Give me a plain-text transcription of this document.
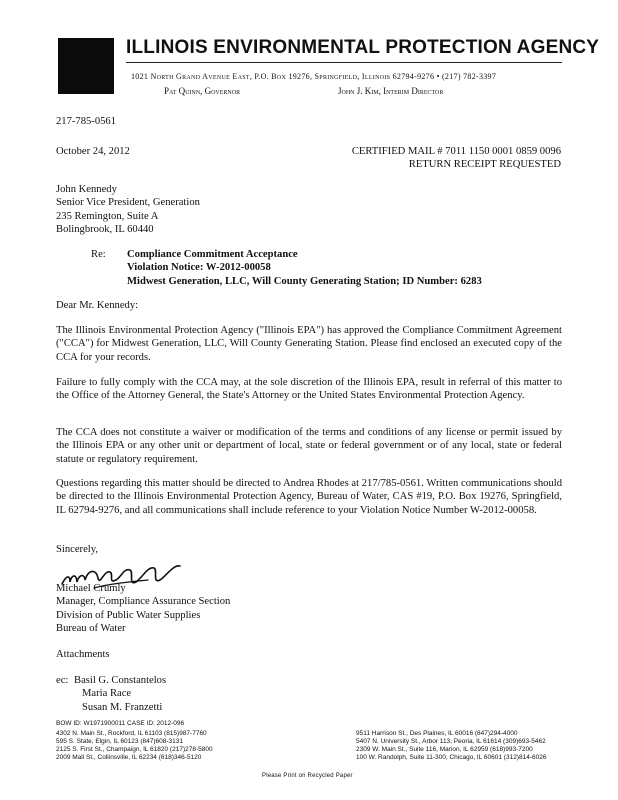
ILLINOIS ENVIRONMENTAL PROTECTION AGENCY
1021 North Grand Avenue East, P.O. Box 19276, Springfield, Illinois 62794-9276 • (217) 782-3397
Pat Quinn, Governor	John J. Kim, Interim Director
217-785-0561
October 24, 2012	CERTIFIED MAIL # 7011 1150 0001 0859 0096
RETURN RECEIPT REQUESTED
John Kennedy
Senior Vice President, Generation
235 Remington, Suite A
Bolingbrook, IL 60440
Re: Compliance Commitment Acceptance
Violation Notice: W-2012-00058
Midwest Generation, LLC, Will County Generating Station; ID Number: 6283
Dear Mr. Kennedy:
The Illinois Environmental Protection Agency ("Illinois EPA") has approved the Compliance Commitment Agreement ("CCA") for Midwest Generation, LLC, Will County Generating Station. Please find enclosed an executed copy of the CCA for your records.
Failure to fully comply with the CCA may, at the sole discretion of the Illinois EPA, result in referral of this matter to the Office of the Attorney General, the State's Attorney or the United States Environmental Protection Agency.
The CCA does not constitute a waiver or modification of the terms and conditions of any license or permit issued by the Illinois EPA or any other unit or department of local, state or federal government or of any local, state or federal statute or regulatory requirement.
Questions regarding this matter should be directed to Andrea Rhodes at 217/785-0561. Written communications should be directed to the Illinois Environmental Protection Agency, Bureau of Water, CAS #19, P.O. Box 19276, Springfield, IL 62794-9276, and all communications shall include reference to your Violation Notice Number W-2012-00058.
Sincerely,
Michael Crumly
Manager, Compliance Assurance Section
Division of Public Water Supplies
Bureau of Water
Attachments
ec: Basil G. Constantelos
Maria Race
Susan M. Franzetti
BOW ID: W1971900011 CASE ID: 2012-096
4302 N. Main St., Rockford, IL 61103 (815)987-7760
595 S. State, Elgin, IL 60123 (847)608-3131
2125 S. First St., Champaign, IL 61820 (217)278-5800
2009 Mall St., Collinsville, IL 62234 (618)346-5120
9511 Harrison St., Des Plaines, IL 60016 (847)294-4000
5407 N. University St., Arbor 113, Peoria, IL 61614 (309)693-5462
2309 W. Main St., Suite 116, Marion, IL 62959 (618)993-7200
100 W. Randolph, Suite 11-300, Chicago, IL 60601 (312)814-6026
Please Print on Recycled Paper
